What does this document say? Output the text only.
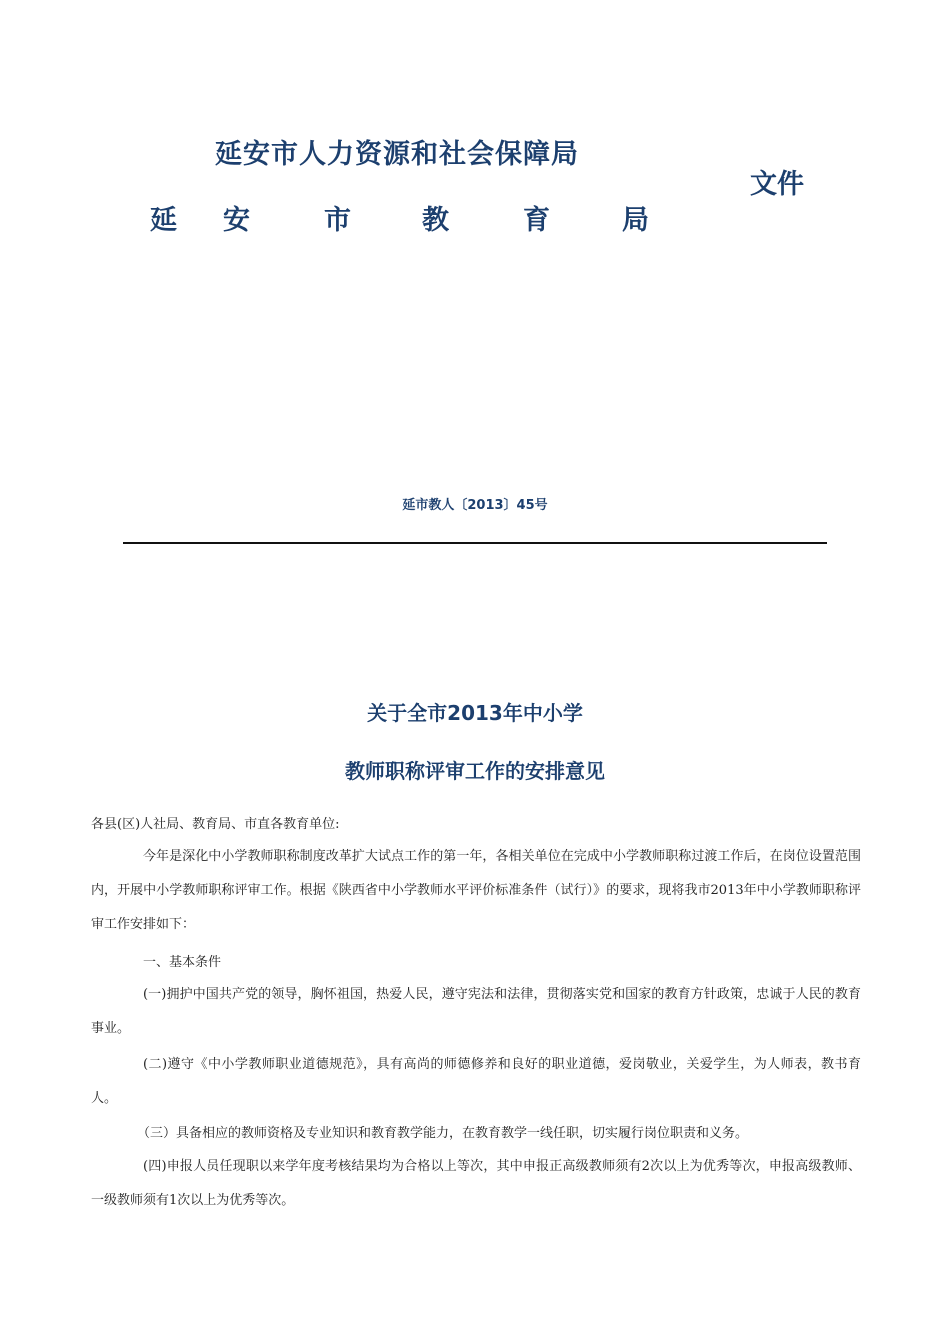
延安市人力资源和社会保障局
延 安	市	教	育	局
文件
延市教人〔2013〕45号
关于全市2013年中小学
教师职称评审工作的安排意见
各县(区)人社局、教育局、市直各教育单位:
今年是深化中小学教师职称制度改革扩大试点工作的第一年，各相关单位在完成中小学教师职称过渡工作后，在岗位设置范围内，开展中小学教师职称评审工作。根据《陕西省中小学教师水平评价标准条件（试行）》的要求，现将我市2013年中小学教师职称评审工作安排如下：
一、基本条件
(一)拥护中国共产党的领导，胸怀祖国，热爱人民，遵守宪法和法律，贯彻落实党和国家的教育方针政策，忠诚于人民的教育事业。
(二)遵守《中小学教师职业道德规范》，具有高尚的师德修养和良好的职业道德，爱岗敬业，关爱学生，为人师表，教书育人。
（三）具备相应的教师资格及专业知识和教育教学能力，在教育教学一线任职，切实履行岗位职责和义务。
(四)申报人员任现职以来学年度考核结果均为合格以上等次，其中申报正高级教师须有2次以上为优秀等次，申报高级教师、一级教师须有1次以上为优秀等次。
